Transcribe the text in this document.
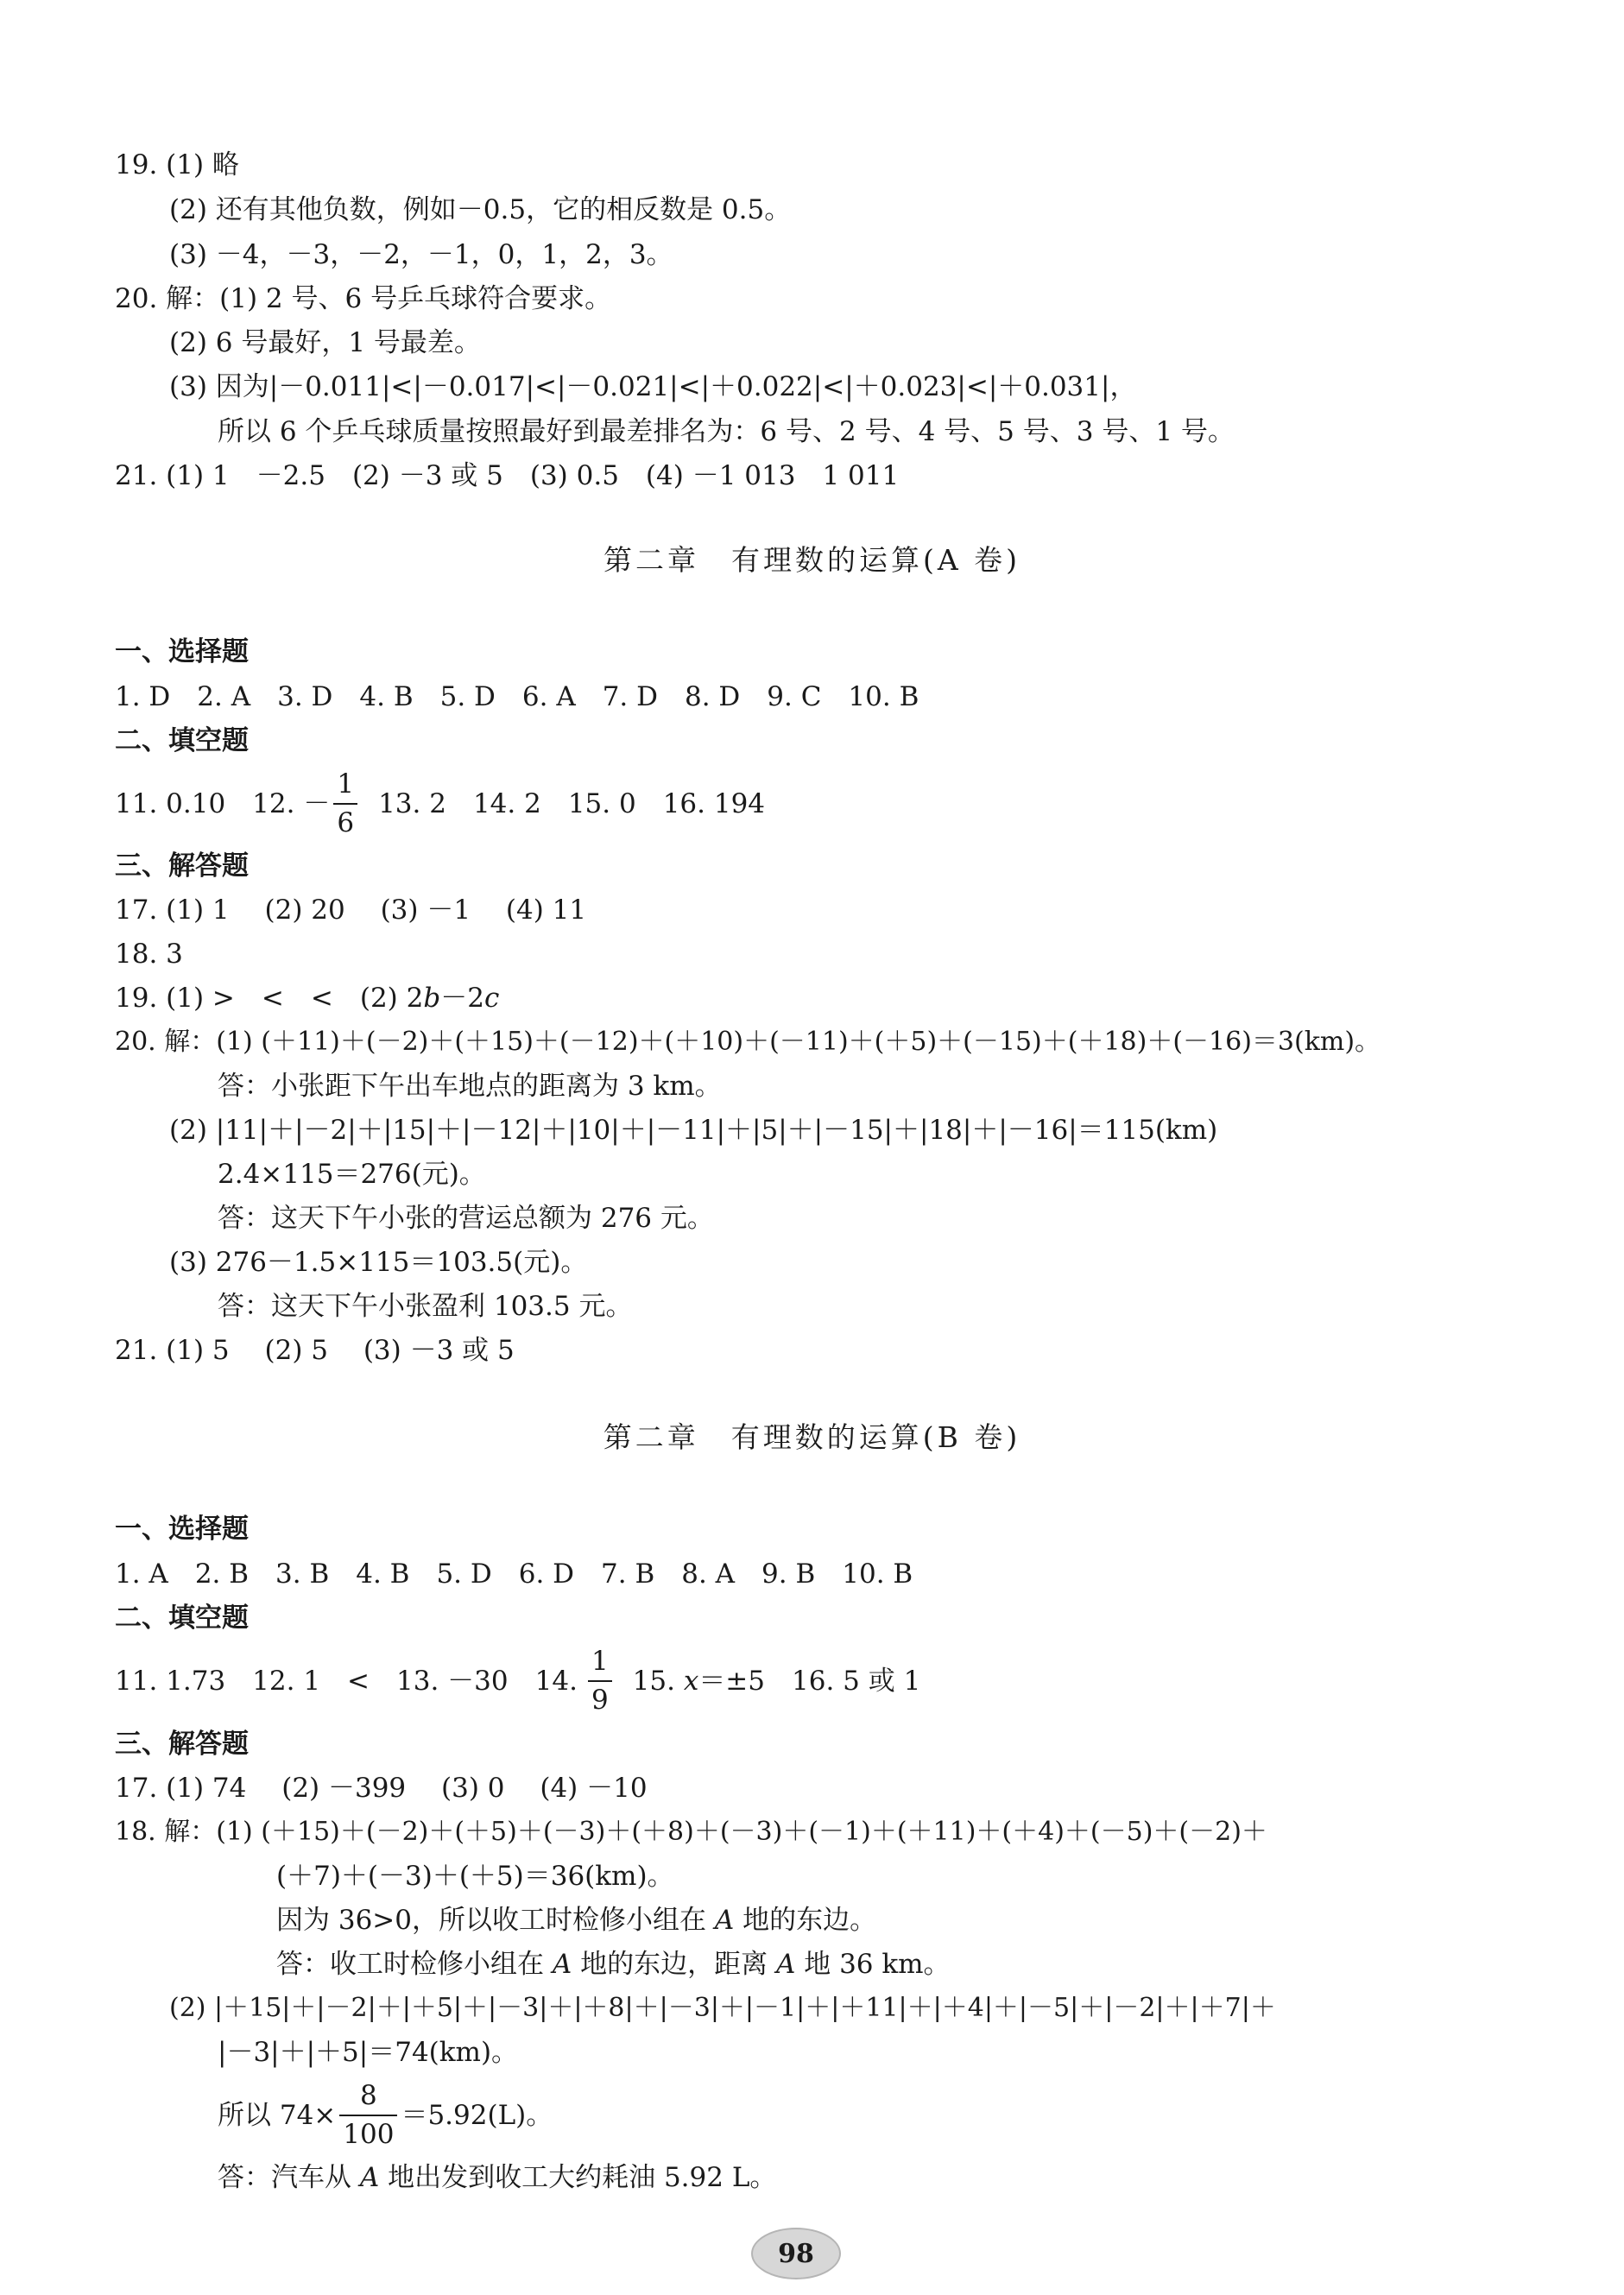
19. (1) 略
(2) 还有其他负数，例如－0.5，它的相反数是 0.5。
(3) －4，－3，－2，－1，0，1，2，3。
20. 解：(1) 2 号、6 号乒乓球符合要求。
(2) 6 号最好，1 号最差。
(3) 因为|－0.011|<|－0.017|<|－0.021|<|＋0.022|<|＋0.023|<|＋0.031|，
所以 6 个乒乓球质量按照最好到最差排名为：6 号、2 号、4 号、5 号、3 号、1 号。
21. (1) 1　－2.5　(2) －3 或 5　(3) 0.5　(4) －1 013　1 011
第二章　有理数的运算(A 卷)
一、选择题
1. D　2. A　3. D　4. B　5. D　6. A　7. D　8. D　9. C　10. B
二、填空题
11. 0.10　12. － $\frac{1}{6} 13$. 2　14. 2　15. 0　16. 194
三、解答题
17. (1) 1　 (2) 20　 (3) －1　 (4) 11
18. 3
19. (1) >　<　<　(2) 2b－2c
20. 解：(1) (＋11)＋(－2)＋(＋15)＋(－12)＋(＋10)＋(－11)＋(＋5)＋(－15)＋(＋18)＋(－16)＝3(km)。
答：小张距下午出车地点的距离为 3 km。
(2) |11|＋|－2|＋|15|＋|－12|＋|10|＋|－11|＋|5|＋|－15|＋|18|＋|－16|＝115(km)
2.4×115＝276(元)。
答：这天下午小张的营运总额为 276 元。
(3) 276－1.5×115＝103.5(元)。
答：这天下午小张盈利 103.5 元。
21. (1) 5　 (2) 5　 (3) －3 或 5
第二章　有理数的运算(B 卷)
一、选择题
1. A　2. B　3. B　4. B　5. D　6. D　7. B　8. A　9. B　10. B
二、填空题
11. 1.73　12. 1　<　13. －30　14. $\frac{1}{9} 15$. x ＝±5　16. 5 或 1
三、解答题
17. (1) 74　 (2) －399　 (3) 0　 (4) －10
18. 解：(1) (＋15)＋(－2)＋(＋5)＋(－3)＋(＋8)＋(－3)＋(－1)＋(＋11)＋(＋4)＋(－5)＋(－2)＋
(＋7)＋(－3)＋(＋5)＝36(km)。
因为 36>0，所以收工时检修小组在 A 地的东边。
答：收工时检修小组在 A 地的东边，距离 A 地 36 km。
(2) |＋15|＋|－2|＋|＋5|＋|－3|＋|＋8|＋|－3|＋|－1|＋|＋11|＋|＋4|＋|－5|＋|－2|＋|＋7|＋
|－3|＋|＋5|＝74(km)。
所以 $74\times \frac{8}{100} =5.92(L)$。
答：汽车从 A 地出发到收工大约耗油 5.92 L。
98
